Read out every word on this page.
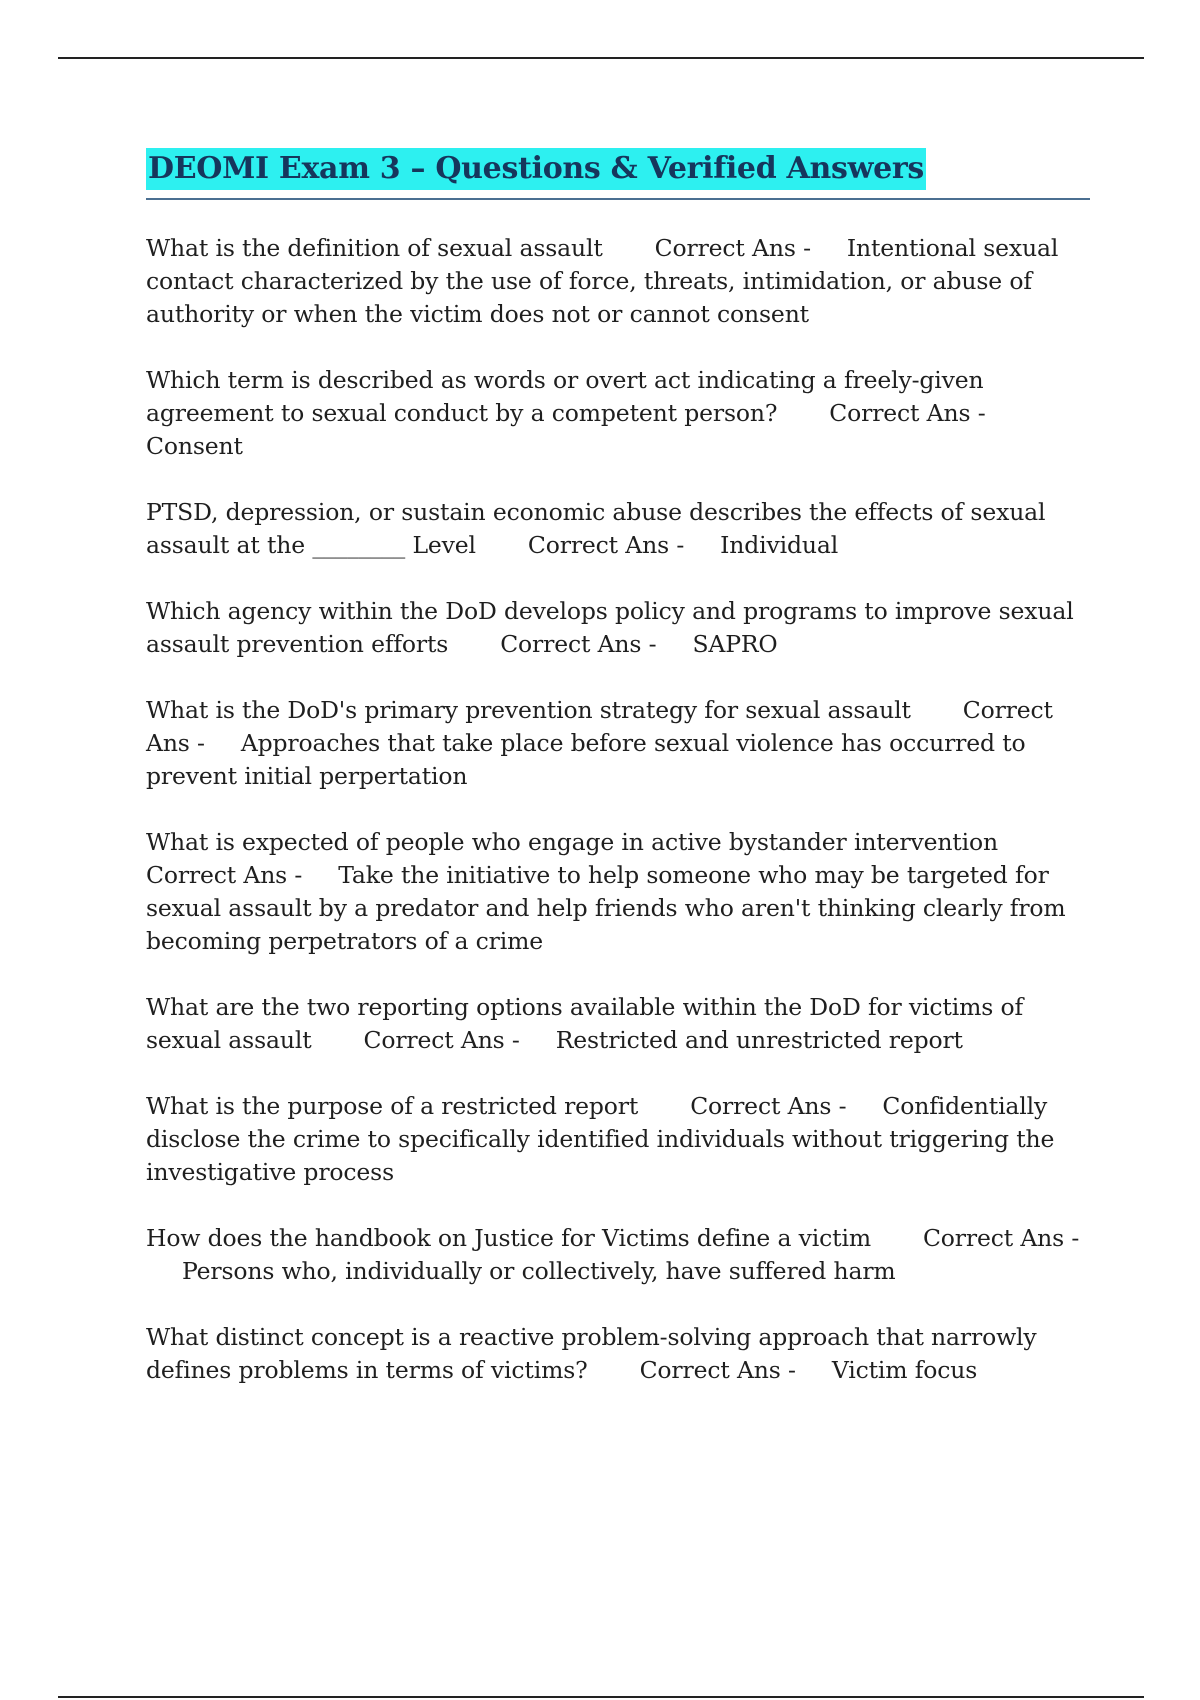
DEOMI Exam 3 – Questions & Verified Answers
What is the definition of sexual assault Correct Ans - Intentional sexual contact characterized by the use of force, threats, intimidation, or abuse of authority or when the victim does not or cannot consent
Which term is described as words or overt act indicating a freely-given agreement to sexual conduct by a competent person? Correct Ans -Consent
PTSD, depression, or sustain economic abuse describes the effects of sexual assault at the ________ Level Correct Ans - Individual
Which agency within the DoD develops policy and programs to improve sexual assault prevention efforts Correct Ans - SAPRO
What is the DoD's primary prevention strategy for sexual assault Correct Ans - Approaches that take place before sexual violence has occurred to prevent initial perpertation
What is expected of people who engage in active bystander interventionCorrect Ans - Take the initiative to help someone who may be targeted for sexual assault by a predator and help friends who aren't thinking clearly from becoming perpetrators of a crime
What are the two reporting options available within the DoD for victims of sexual assault Correct Ans - Restricted and unrestricted report
What is the purpose of a restricted report Correct Ans - Confidentially disclose the crime to specifically identified individuals without triggering the investigative process
How does the handbook on Justice for Victims define a victim Correct Ans -Persons who, individually or collectively, have suffered harm
What distinct concept is a reactive problem-solving approach that narrowly defines problems in terms of victims? Correct Ans - Victim focus
